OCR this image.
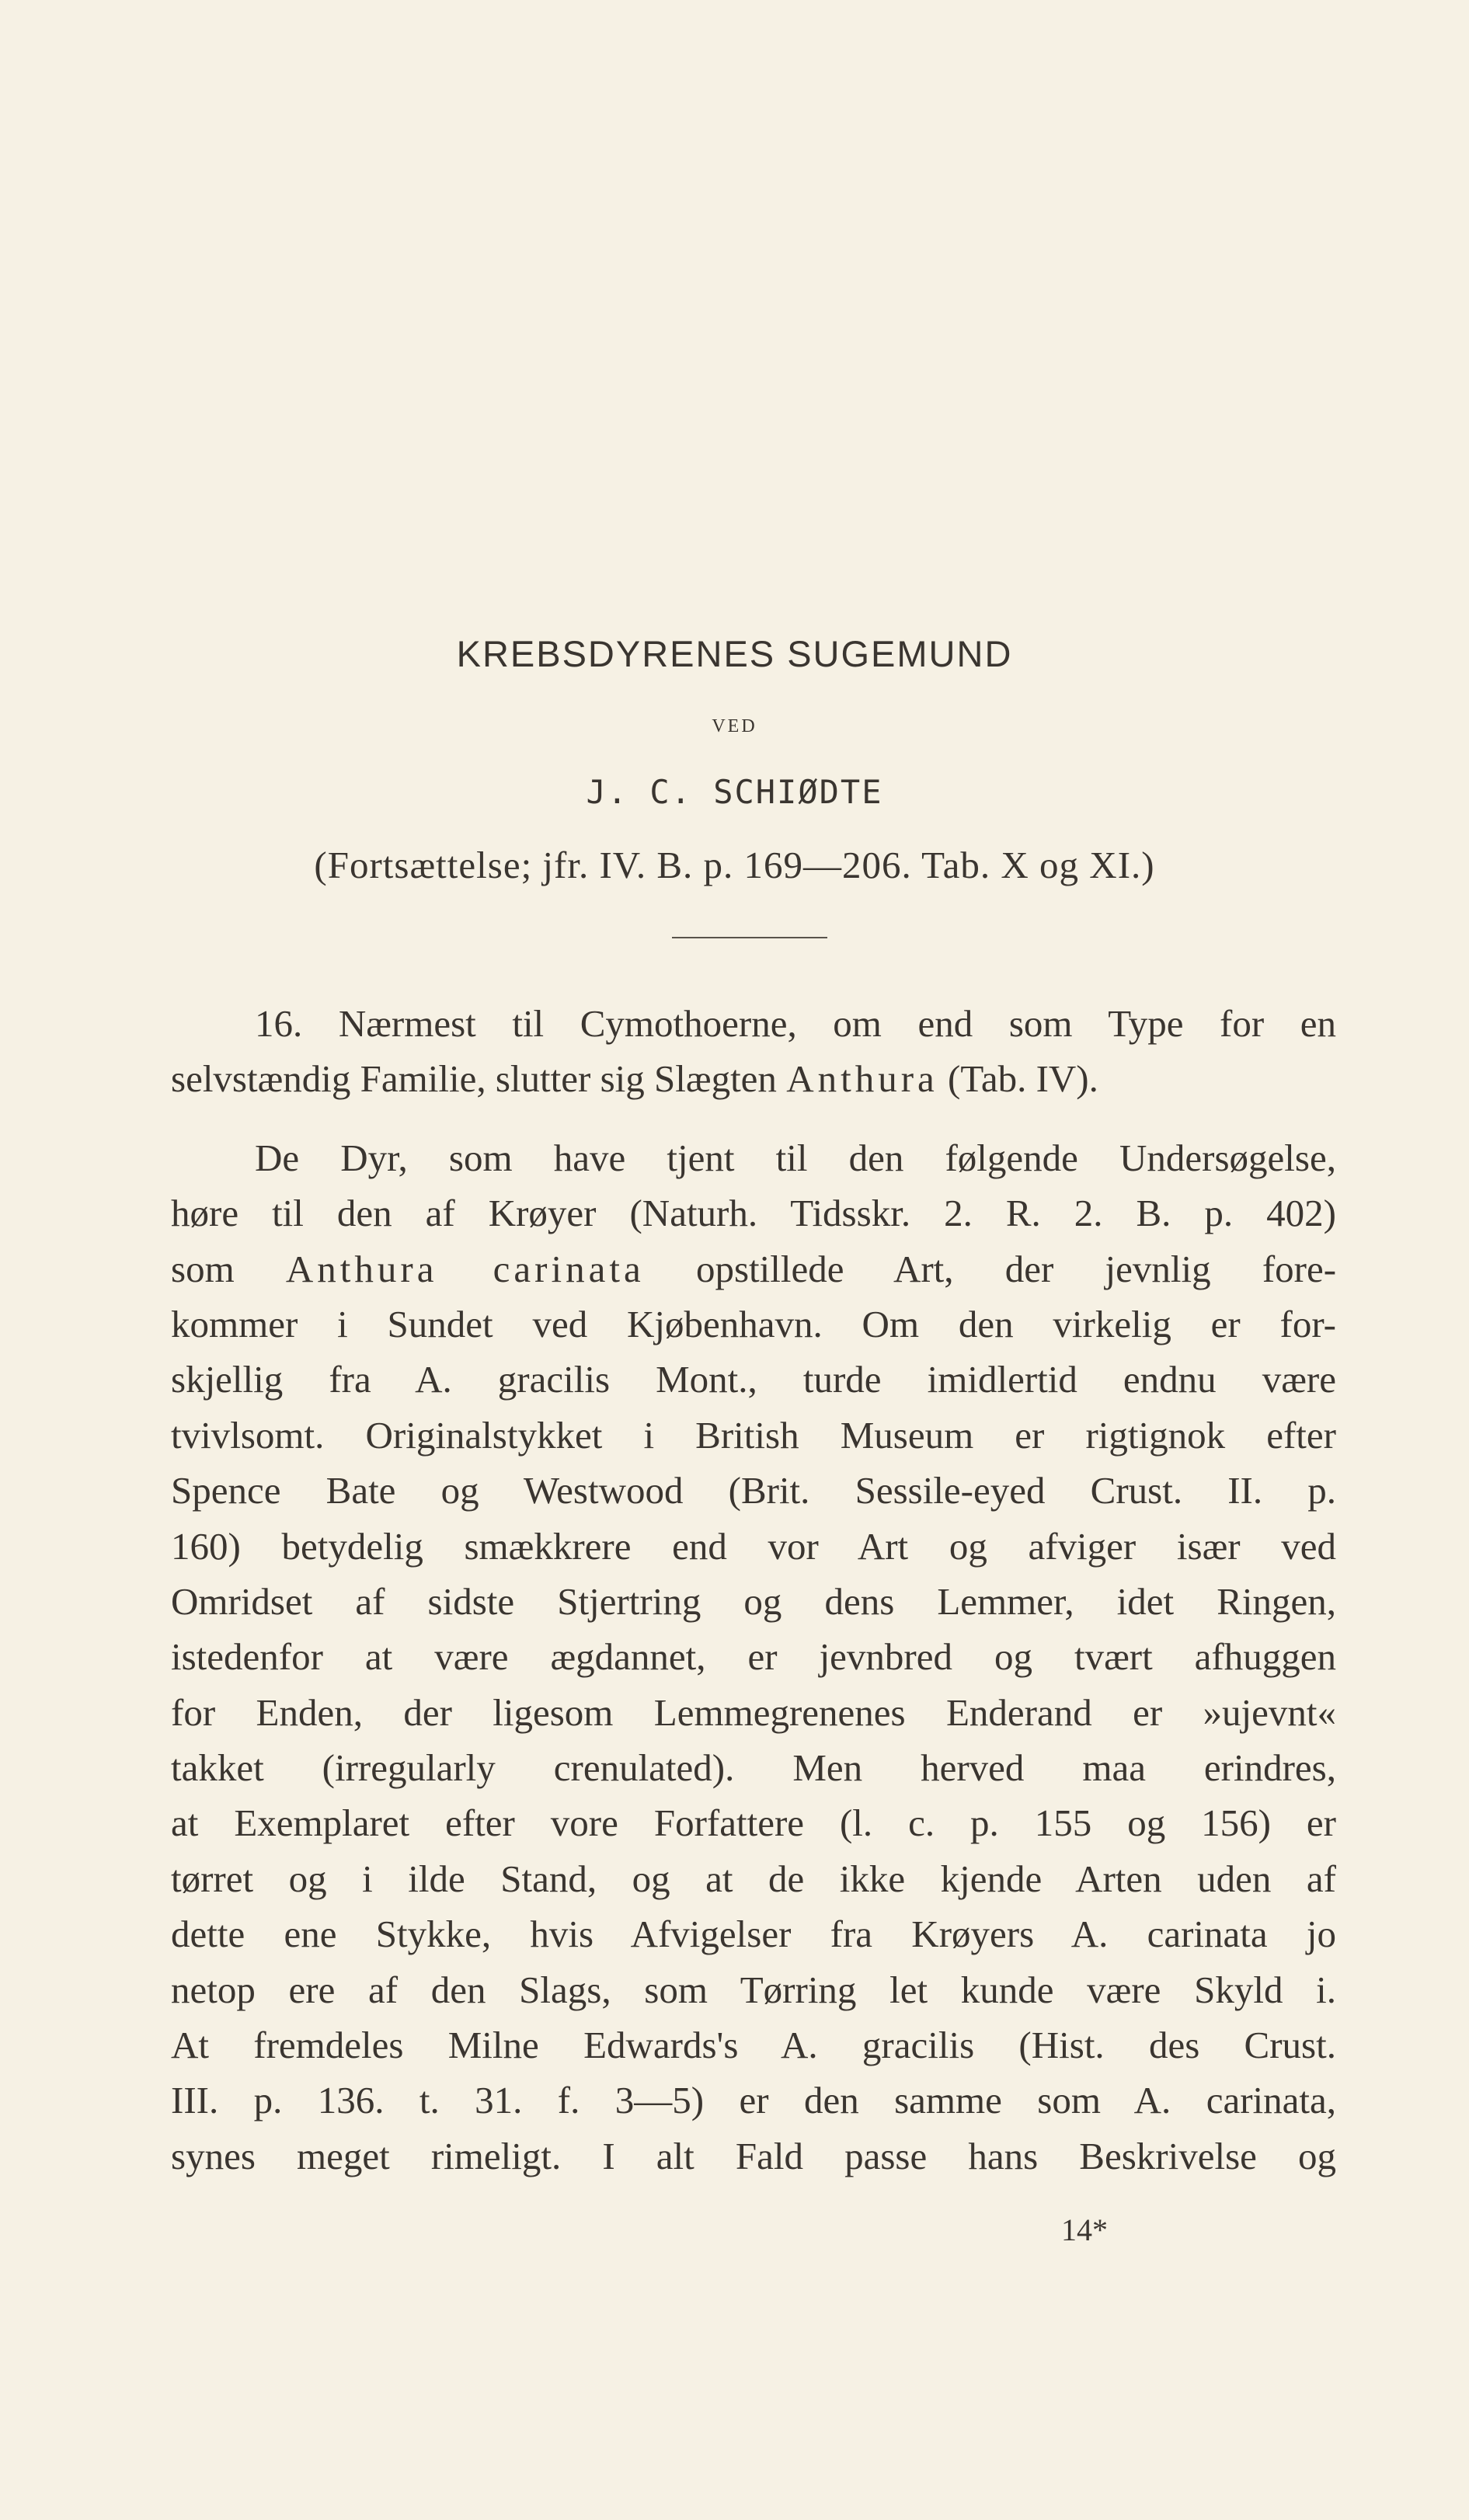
KREBSDYRENES SUGEMUND
VED
J. C. SCHIØDTE
(Fortsættelse; jfr. IV. B. p. 169—206. Tab. X og XI.)
16. Nærmest til Cymothoerne, om end som Type for en
selvstændig Familie, slutter sig Slægten Anthura (Tab. IV).
De Dyr, som have tjent til den følgende Undersøgelse,
høre til den af Krøyer (Naturh. Tidsskr. 2. R. 2. B. p. 402)
som Anthura carinata opstillede Art, der jevnlig fore-
kommer i Sundet ved Kjøbenhavn. Om den virkelig er for-
skjellig fra A. gracilis Mont., turde imidlertid endnu være
tvivlsomt. Originalstykket i British Museum er rigtignok efter
Spence Bate og Westwood (Brit. Sessile-eyed Crust. II. p.
160) betydelig smækkrere end vor Art og afviger især ved
Omridset af sidste Stjertring og dens Lemmer, idet Ringen,
istedenfor at være ægdannet, er jevnbred og tvært afhuggen
for Enden, der ligesom Lemmegrenenes Enderand er »ujevnt«
takket (irregularly crenulated). Men herved maa erindres,
at Exemplaret efter vore Forfattere (l. c. p. 155 og 156) er
tørret og i ilde Stand, og at de ikke kjende Arten uden af
dette ene Stykke, hvis Afvigelser fra Krøyers A. carinata jo
netop ere af den Slags, som Tørring let kunde være Skyld i.
At fremdeles Milne Edwards's A. gracilis (Hist. des Crust.
III. p. 136. t. 31. f. 3—5) er den samme som A. carinata,
synes meget rimeligt. I alt Fald passe hans Beskrivelse og
14*
